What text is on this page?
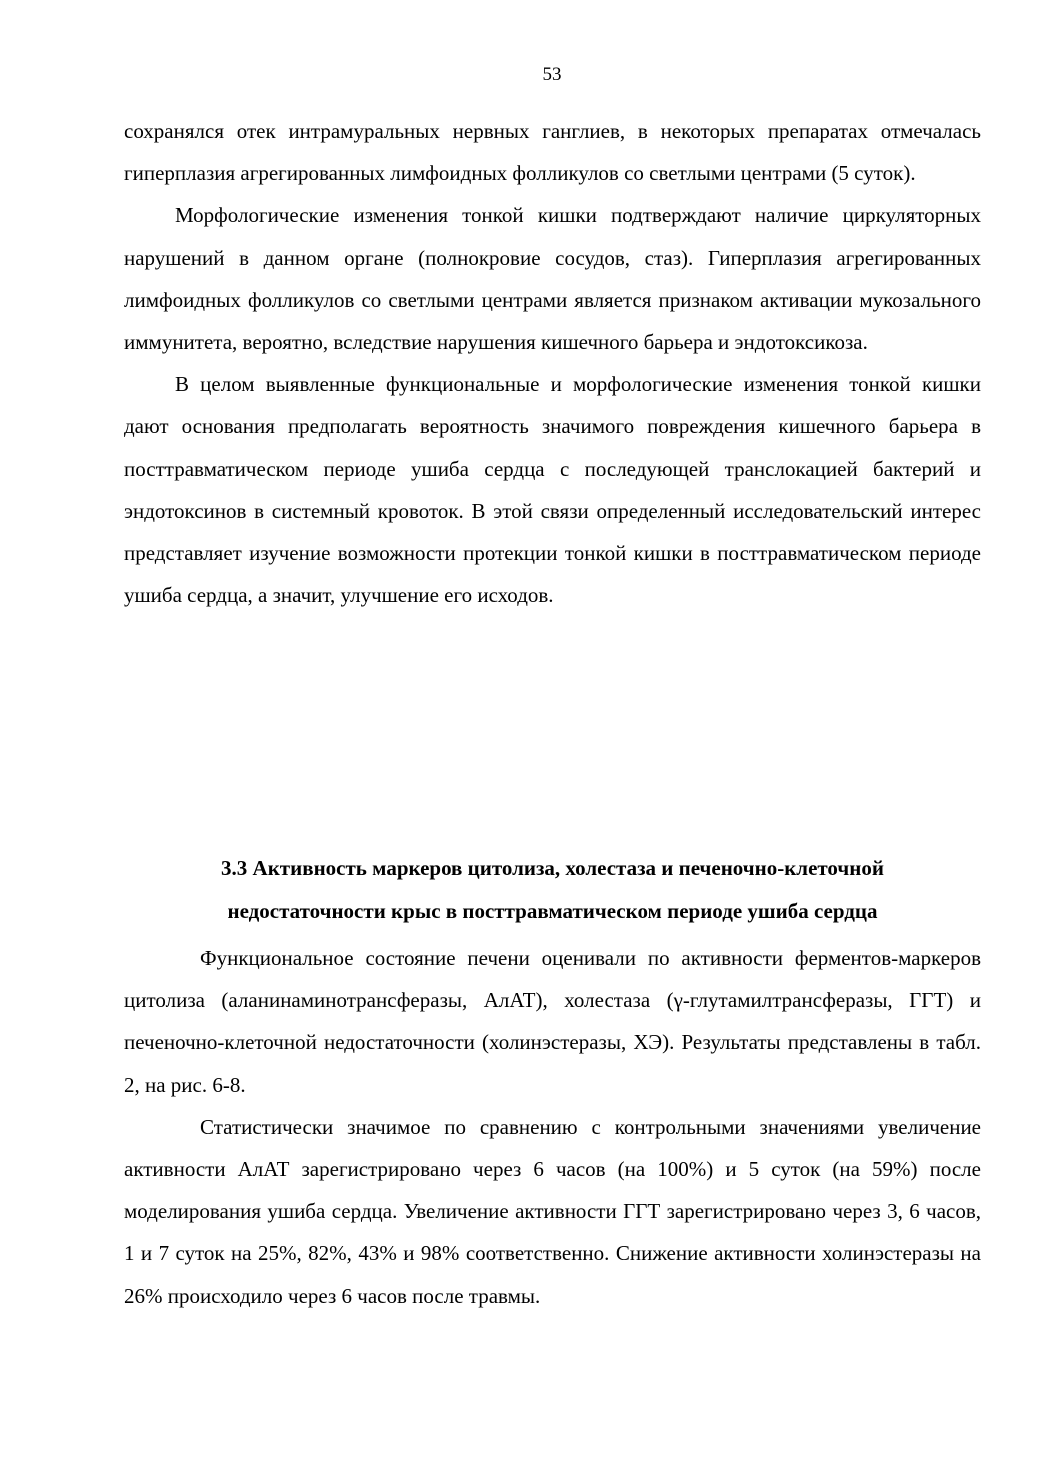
53

сохранялся отек интрамуральных нервных ганглиев, в некоторых препаратах отмечалась гиперплазия агрегированных лимфоидных фолликулов со светлыми центрами (5 суток).

Морфологические изменения тонкой кишки подтверждают наличие циркуляторных нарушений в данном органе (полнокровие сосудов, стаз). Гиперплазия агрегированных лимфоидных фолликулов со светлыми центрами является признаком активации мукозального иммунитета, вероятно, вследствие нарушения кишечного барьера и эндотоксикоза.

В целом выявленные функциональные и морфологические изменения тонкой кишки дают основания предполагать вероятность значимого повреждения кишечного барьера в посттравматическом периоде ушиба сердца с последующей транслокацией бактерий и эндотоксинов в системный кровоток. В этой связи определенный исследовательский интерес представляет изучение возможности протекции тонкой кишки в посттравматическом периоде ушиба сердца, а значит, улучшение его исходов.

3.3 Активность маркеров цитолиза, холестаза и печеночно-клеточной
недостаточности крыс в посттравматическом периоде ушиба сердца

Функциональное состояние печени оценивали по активности ферментов-маркеров цитолиза (аланинаминотрансферазы, АлАТ), холестаза (γ-глутамилтрансферазы, ГГТ) и печеночно-клеточной недостаточности (холинэстеразы, ХЭ). Результаты представлены в табл. 2, на рис. 6-8.

Статистически значимое по сравнению с контрольными значениями увеличение активности АлАТ зарегистрировано через 6 часов (на 100%) и 5 суток (на 59%) после моделирования ушиба сердца. Увеличение активности ГГТ зарегистрировано через 3, 6 часов, 1 и 7 суток на 25%, 82%, 43% и 98% соответственно. Снижение активности холинэстеразы на 26% происходило через 6 часов после травмы.
